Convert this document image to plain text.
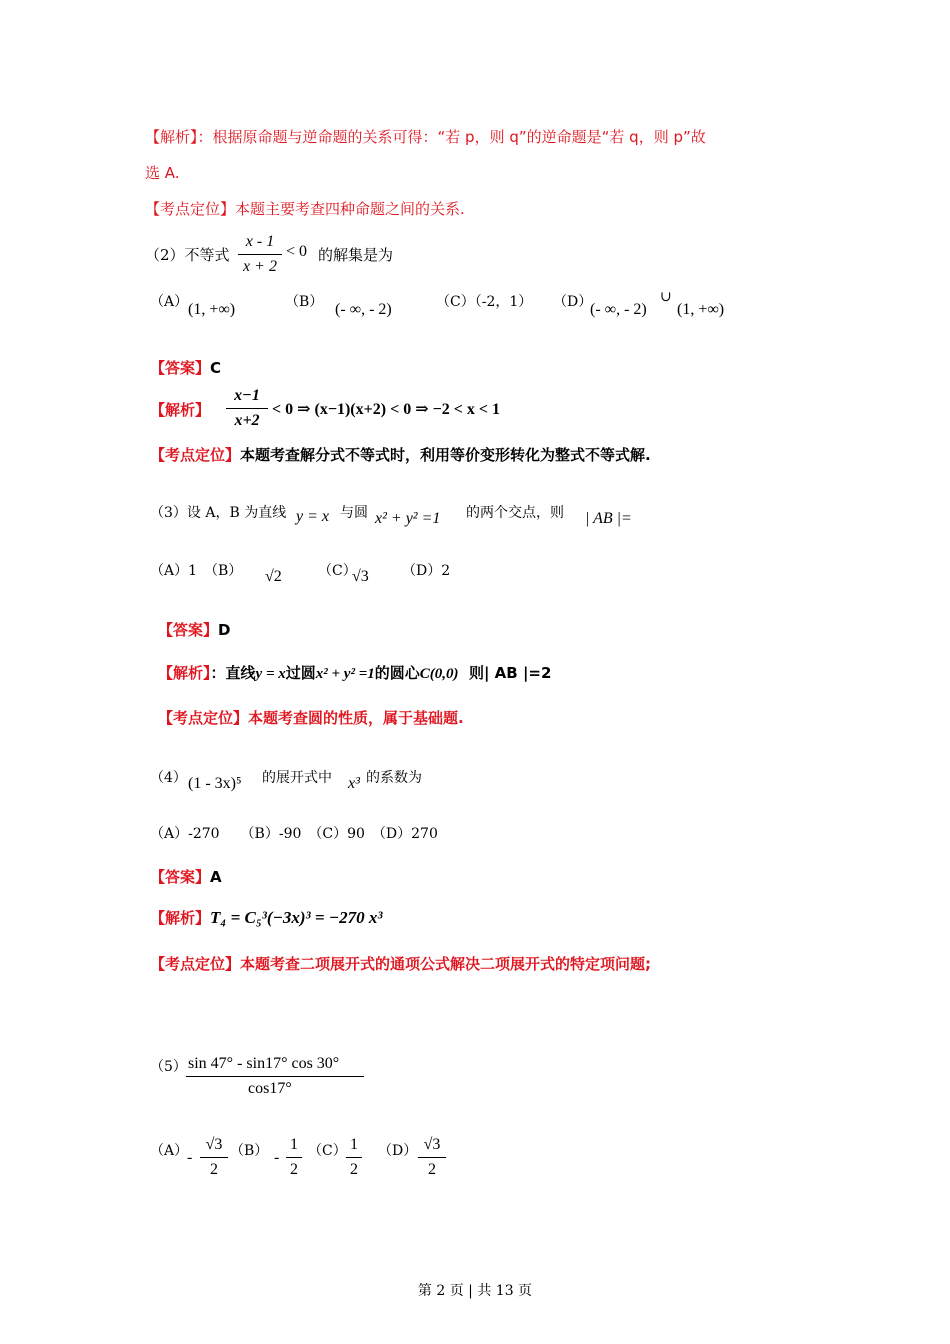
【解析】：根据原命题与逆命题的关系可得：“若 p，则 q”的逆命题是“若 q，则 p”故
选 A.
【考点定位】本题主要考查四种命题之间的关系.
（2）不等式
x - 1
x + 2
< 0 的解集是为
（A） (1, +∞)	（B） (- ∞, - 2)	（C）（-2，1） （D）
(- ∞, - 2)
∪
(1, +∞)
【答案】C
【解析】
x−1
x+2
< 0 ⇒ (x−1)(x+2) < 0 ⇒ −2 < x < 1
【考点定位】本题考查解分式不等式时，利用等价变形转化为整式不等式解.
（3）设 A，B 为直线 y = x 与圆 x² + y² =1 的两个交点，则 | AB |=
（A）1　（B） √2	（C）
√3 （D）2
【答案】D
【解析】：直线y = x过圆x² + y² =1的圆心C(0,0) 则| AB |=2
【考点定位】本题考查圆的性质，属于基础题.
（4） (1 - 3x)⁵ 的展开式中 x³ 的系数为
（A）-270　　（B）-90　（C）90　（D）270
【答案】A
【解析】T₄ = C₅³(−3x)³ = −270 x³
【考点定位】本题考查二项展开式的通项公式解决二项展开式的特定项问题;
（5） sin 47° - sin17° cos 30°
cos17°
（A）
-
√3
2
（B） -
1
2
（C） 1
2
（D） √3
2
第 2 页 | 共 13 页
